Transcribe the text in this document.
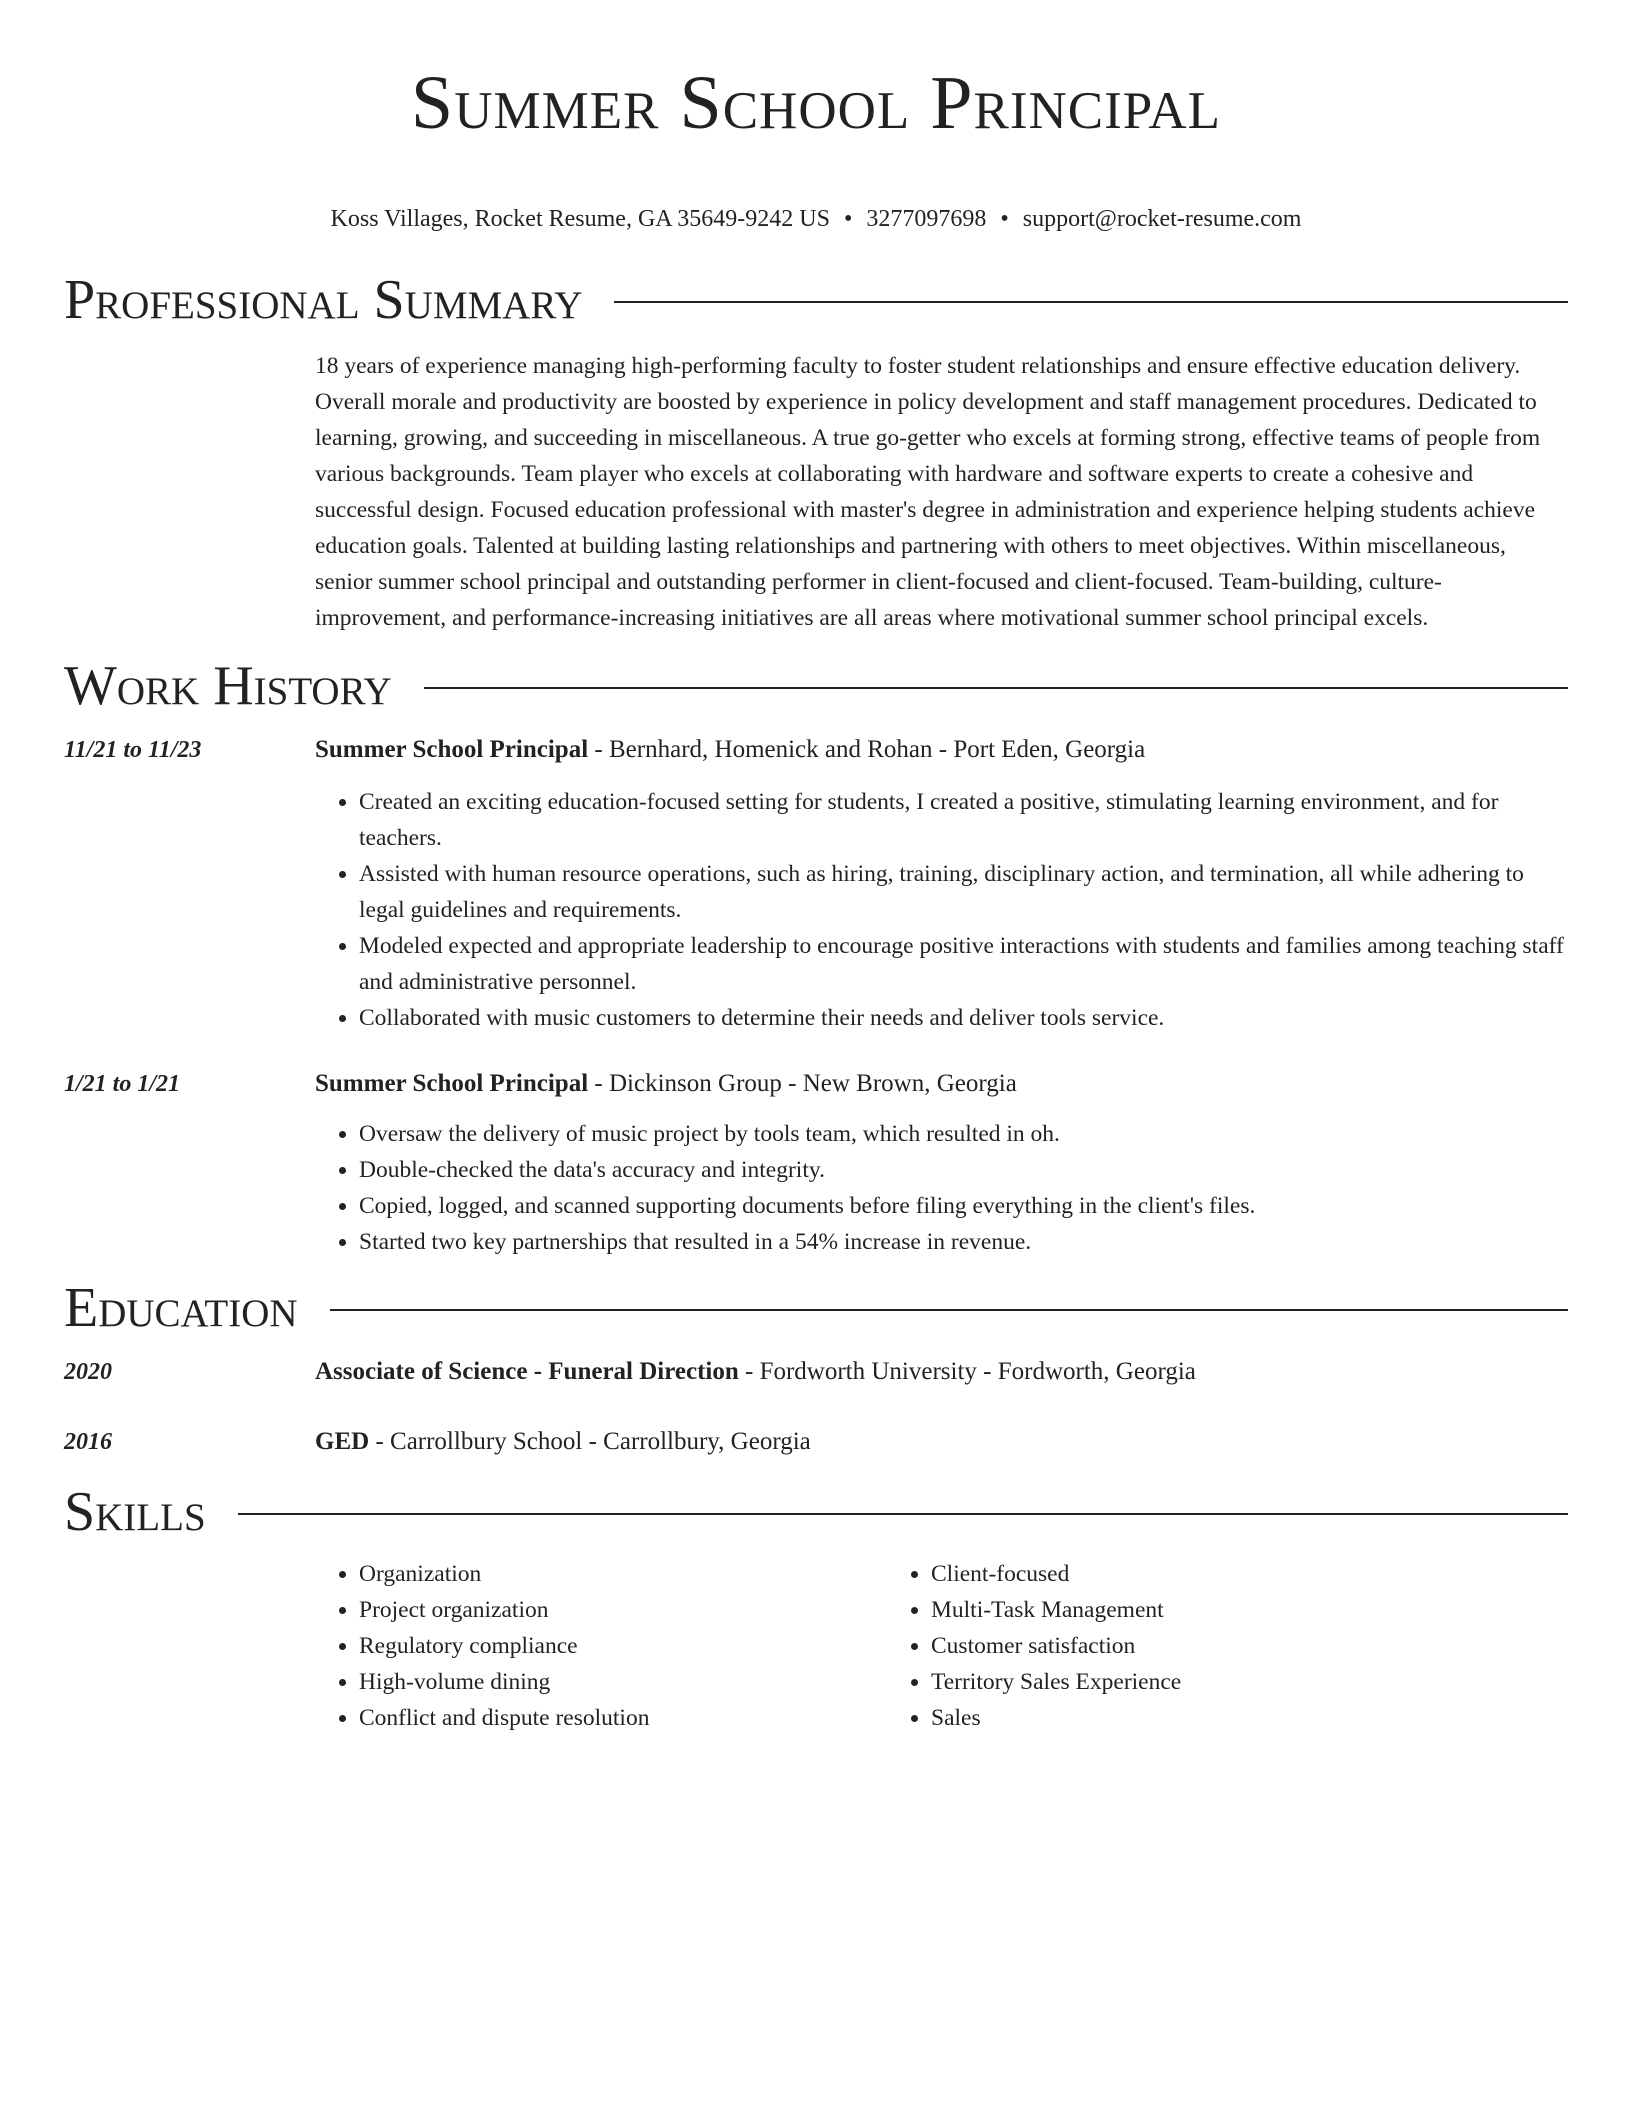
Summer School Principal
Koss Villages, Rocket Resume, GA 35649-9242 US • 3277097698 • support@rocket-resume.com
Professional Summary
18 years of experience managing high-performing faculty to foster student relationships and ensure effective education delivery. Overall morale and productivity are boosted by experience in policy development and staff management procedures. Dedicated to learning, growing, and succeeding in miscellaneous. A true go-getter who excels at forming strong, effective teams of people from various backgrounds. Team player who excels at collaborating with hardware and software experts to create a cohesive and successful design. Focused education professional with master's degree in administration and experience helping students achieve education goals. Talented at building lasting relationships and partnering with others to meet objectives. Within miscellaneous, senior summer school principal and outstanding performer in client-focused and client-focused. Team-building, culture-improvement, and performance-increasing initiatives are all areas where motivational summer school principal excels.
Work History
11/21 to 11/23	Summer School Principal - Bernhard, Homenick and Rohan - Port Eden, Georgia
• Created an exciting education-focused setting for students, I created a positive, stimulating learning environment, and for teachers.
• Assisted with human resource operations, such as hiring, training, disciplinary action, and termination, all while adhering to legal guidelines and requirements.
• Modeled expected and appropriate leadership to encourage positive interactions with students and families among teaching staff and administrative personnel.
• Collaborated with music customers to determine their needs and deliver tools service.
1/21 to 1/21	Summer School Principal - Dickinson Group - New Brown, Georgia
• Oversaw the delivery of music project by tools team, which resulted in oh.
• Double-checked the data's accuracy and integrity.
• Copied, logged, and scanned supporting documents before filing everything in the client's files.
• Started two key partnerships that resulted in a 54% increase in revenue.
Education
2020	Associate of Science - Funeral Direction - Fordworth University - Fordworth, Georgia
2016	GED - Carrollbury School - Carrollbury, Georgia
Skills
• Organization
• Project organization
• Regulatory compliance
• High-volume dining
• Conflict and dispute resolution
• Client-focused
• Multi-Task Management
• Customer satisfaction
• Territory Sales Experience
• Sales
